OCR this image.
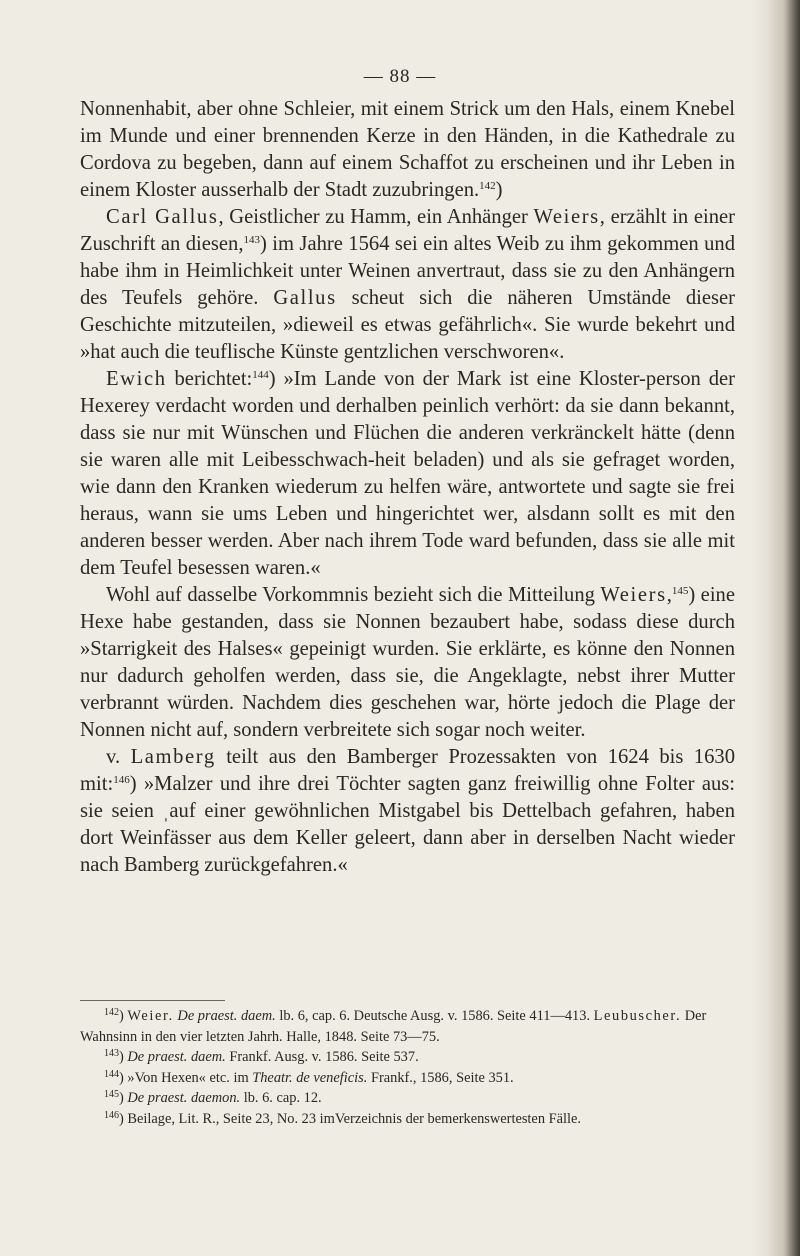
— 88 —

Nonnenhabit, aber ohne Schleier, mit einem Strick um den Hals, einem Knebel im Munde und einer brennenden Kerze in den Händen, in die Kathedrale zu Cordova zu begeben, dann auf einem Schaffot zu erscheinen und ihr Leben in einem Kloster ausserhalb der Stadt zuzubringen.$^{142}$)

Carl Gallus, Geistlicher zu Hamm, ein Anhänger Weiers, erzählt in einer Zuschrift an diesen,$^{143}$) im Jahre 1564 sei ein altes Weib zu ihm gekommen und habe ihm in Heimlichkeit unter Weinen anvertraut, dass sie zu den Anhängern des Teufels gehöre. Gallus scheut sich die näheren Umstände dieser Geschichte mitzuteilen, »dieweil es etwas gefährlich«. Sie wurde bekehrt und »hat auch die teuflische Künste gentzlichen verschworen«.

Ewich berichtet:$^{144}$) »Im Lande von der Mark ist eine Kloster-person der Hexerey verdacht worden und derhalben peinlich verhört: da sie dann bekannt, dass sie nur mit Wünschen und Flüchen die anderen verkränckelt hätte (denn sie waren alle mit Leibesschwach-heit beladen) und als sie gefraget worden, wie dann den Kranken wiederum zu helfen wäre, antwortete und sagte sie frei heraus, wann sie ums Leben und hingerichtet wer, alsdann sollt es mit den anderen besser werden. Aber nach ihrem Tode ward befunden, dass sie alle mit dem Teufel besessen waren.«

Wohl auf dasselbe Vorkommnis bezieht sich die Mitteilung Weiers,$^{145}$) eine Hexe habe gestanden, dass sie Nonnen bezaubert habe, sodass diese durch »Starrigkeit des Halses« gepeinigt wurden. Sie erklärte, es könne den Nonnen nur dadurch geholfen werden, dass sie, die Angeklagte, nebst ihrer Mutter verbrannt würden. Nachdem dies geschehen war, hörte jedoch die Plage der Nonnen nicht auf, sondern verbreitete sich sogar noch weiter.

v. Lamberg teilt aus den Bamberger Prozessakten von 1624 bis 1630 mit:$^{146}$) »Malzer und ihre drei Töchter sagten ganz freiwillig ohne Folter aus: sie seien ˌauf einer gewöhnlichen Mistgabel bis Dettelbach gefahren, haben dort Weinfässer aus dem Keller geleert, dann aber in derselben Nacht wieder nach Bamberg zurückgefahren.«

$^{142}$) Weier. De praest. daem. lb. 6, cap. 6. Deutsche Ausg. v. 1586. Seite 411—413. Leubuscher. Der Wahnsinn in den vier letzten Jahrh. Halle, 1848. Seite 73—75.

$^{143}$) De praest. daem. Frankf. Ausg. v. 1586. Seite 537.

$^{144}$) »Von Hexen« etc. im Theatr. de veneficis. Frankf., 1586, Seite 351.

$^{145}$) De praest. daemon. lb. 6. cap. 12.

$^{146}$) Beilage, Lit. R., Seite 23, No. 23 imVerzeichnis der bemerkenswertesten Fälle.
